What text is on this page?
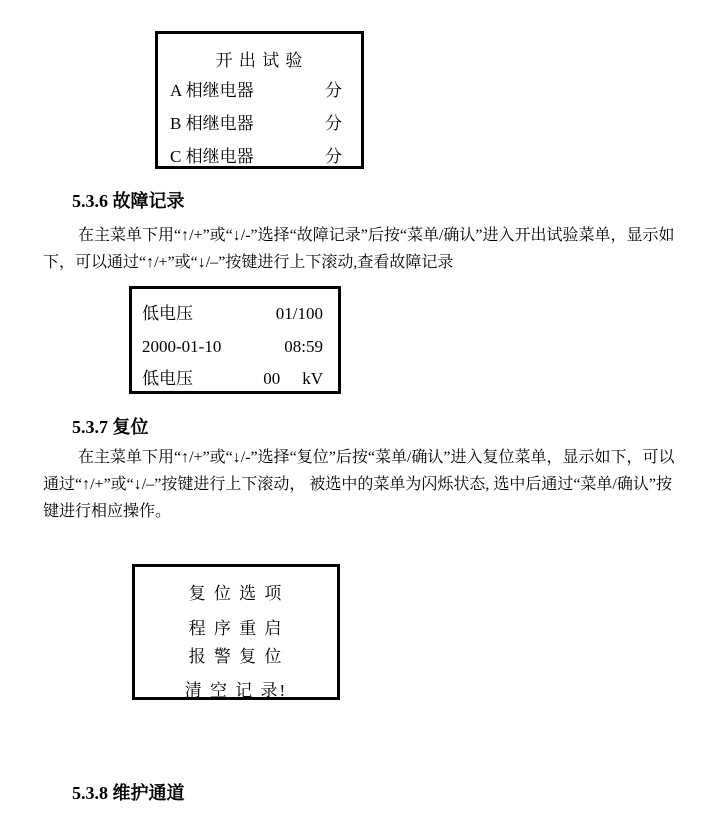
开 出 试 验
A 相继电器	分
B 相继电器	分
C 相继电器	分
5.3.6 故障记录
在主菜单下用“↑/+”或“↓/-”选择“故障记录”后按“菜单/确认”进入开出试验菜单，显示如
下，可以通过“↑/+”或“↓/–”按键进行上下滚动,查看故障记录
低电压	01/100
2000-01-10	08:59
低电压	00 kV
5.3.7 复位
在主菜单下用“↑/+”或“↓/-”选择“复位”后按“菜单/确认”进入复位菜单，显示如下，可以
通过“↑/+”或“↓/–”按键进行上下滚动， 被选中的菜单为闪烁状态, 选中后通过“菜单/确认”按
键进行相应操作。
复 位 选 项
程 序 重 启
报 警 复 位
清 空 记 录!
5.3.8 维护通道
